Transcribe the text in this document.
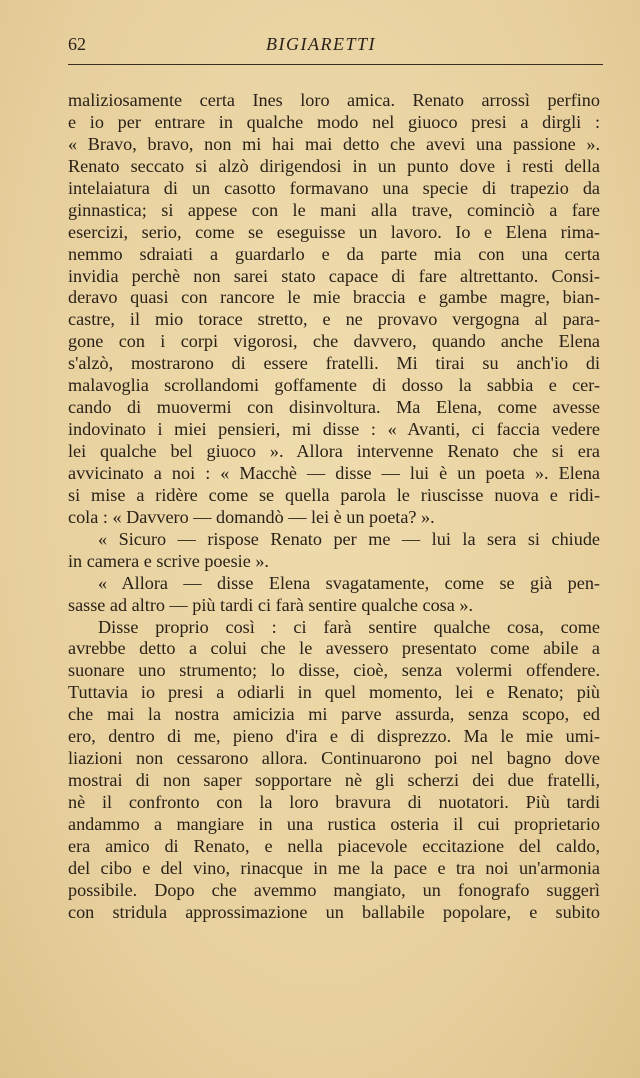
62	BIGIARETTI
maliziosamente certa Ines loro amica. Renato arrossì perfino
e io per entrare in qualche modo nel giuoco presi a dirgli :
« Bravo, bravo, non mi hai mai detto che avevi una passione ».
Renato seccato si alzò dirigendosi in un punto dove i resti della
intelaiatura di un casotto formavano una specie di trapezio da
ginnastica; si appese con le mani alla trave, cominciò a fare
esercizi, serio, come se eseguisse un lavoro. Io e Elena rima-
nemmo sdraiati a guardarlo e da parte mia con una certa
invidia perchè non sarei stato capace di fare altrettanto. Consi-
deravo quasi con rancore le mie braccia e gambe magre, bian-
castre, il mio torace stretto, e ne provavo vergogna al para-
gone con i corpi vigorosi, che davvero, quando anche Elena
s'alzò, mostrarono di essere fratelli. Mi tirai su anch'io di
malavoglia scrollandomi goffamente di dosso la sabbia e cer-
cando di muovermi con disinvoltura. Ma Elena, come avesse
indovinato i miei pensieri, mi disse : « Avanti, ci faccia vedere
lei qualche bel giuoco ». Allora intervenne Renato che si era
avvicinato a noi : « Macchè — disse — lui è un poeta ». Elena
si mise a ridère come se quella parola le riuscisse nuova e ridi-
cola : « Davvero — domandò — lei è un poeta? ».
« Sicuro — rispose Renato per me — lui la sera si chiude
in camera e scrive poesie ».
« Allora — disse Elena svagatamente, come se già pen-
sasse ad altro — più tardi ci farà sentire qualche cosa ».
Disse proprio così : ci farà sentire qualche cosa, come
avrebbe detto a colui che le avessero presentato come abile a
suonare uno strumento; lo disse, cioè, senza volermi offendere.
Tuttavia io presi a odiarli in quel momento, lei e Renato; più
che mai la nostra amicizia mi parve assurda, senza scopo, ed
ero, dentro di me, pieno d'ira e di disprezzo. Ma le mie umi-
liazioni non cessarono allora. Continuarono poi nel bagno dove
mostrai di non saper sopportare nè gli scherzi dei due fratelli,
nè il confronto con la loro bravura di nuotatori. Più tardi
andammo a mangiare in una rustica osteria il cui proprietario
era amico di Renato, e nella piacevole eccitazione del caldo,
del cibo e del vino, rinacque in me la pace e tra noi un'armonia
possibile. Dopo che avemmo mangiato, un fonografo suggerì
con stridula approssimazione un ballabile popolare, e subito
